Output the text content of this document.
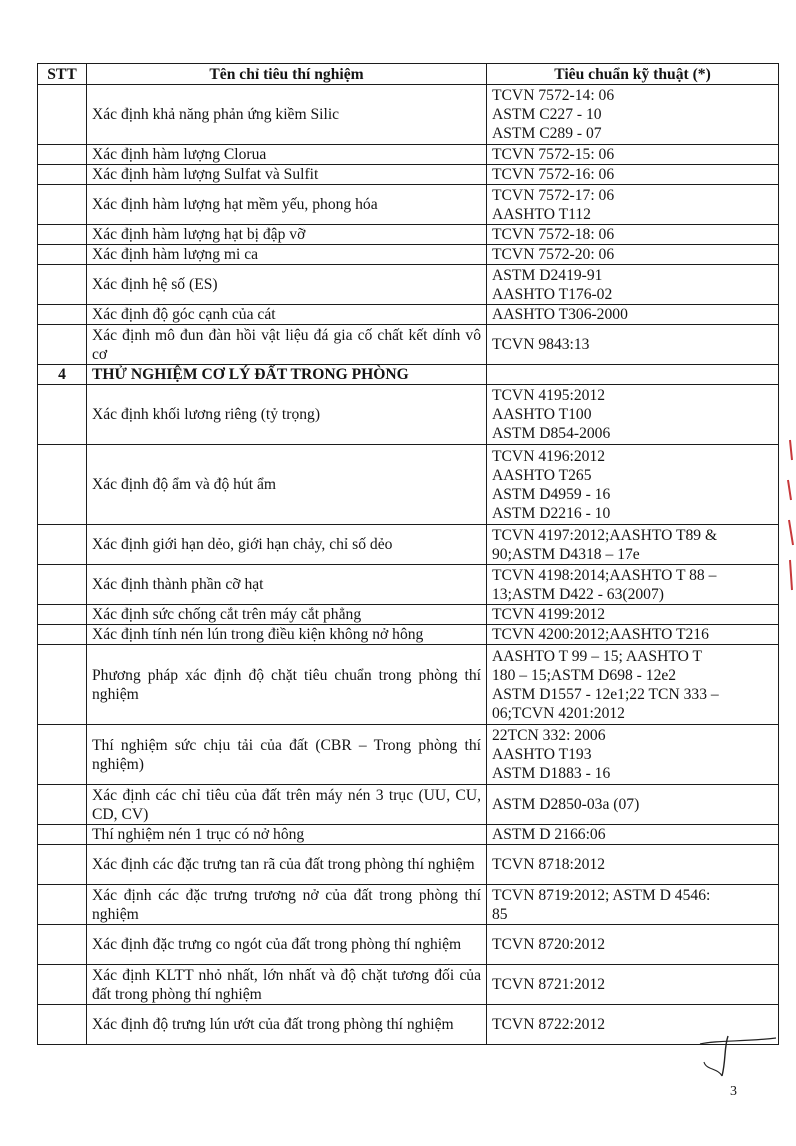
STT	Tên chỉ tiêu thí nghiệm	Tiêu chuẩn kỹ thuật (*)
	Xác định khả năng phản ứng kiềm Silic	TCVN 7572-14: 06
ASTM C227 - 10
ASTM C289 - 07

	Xác định hàm lượng Clorua	TCVN 7572-15: 06

	Xác định hàm lượng Sulfat và Sulfit	TCVN 7572-16: 06

	Xác định hàm lượng hạt mềm yếu, phong hóa	TCVN 7572-17: 06
AASHTO T112

	Xác định hàm lượng hạt bị đập vỡ	TCVN 7572-18: 06

	Xác định hàm lượng mi ca	TCVN 7572-20: 06

	Xác định hệ số (ES)	ASTM D2419-91
AASHTO T176-02

	Xác định độ góc cạnh của cát	AASHTO T306-2000

	Xác định mô đun đàn hồi vật liệu đá gia cố chất kết dính vô cơ	TCVN 9843:13

4	THỬ NGHIỆM CƠ LÝ ĐẤT TRONG PHÒNG	
	Xác định khối lương riêng (tỷ trọng)	TCVN 4195:2012
AASHTO T100
ASTM D854-2006

	Xác định độ ẩm và độ hút ẩm	TCVN 4196:2012
AASHTO T265
ASTM D4959 - 16
ASTM D2216 - 10

	Xác định giới hạn dẻo, giới hạn chảy, chỉ số dẻo	TCVN 4197:2012;AASHTO T89 &
90;ASTM D4318 – 17e

	Xác định thành phần cỡ hạt	TCVN 4198:2014;AASHTO T 88 –
13;ASTM D422 - 63(2007)

	Xác định sức chống cắt trên máy cắt phẳng	TCVN 4199:2012

	Xác định tính nén lún trong điều kiện không nở hông	TCVN 4200:2012;AASHTO T216

	Phương pháp xác định độ chặt tiêu chuẩn trong phòng thí nghiệm	AASHTO T 99 – 15; AASHTO T
180 – 15;ASTM D698 - 12e2
ASTM D1557 - 12e1;22 TCN 333 –
06;TCVN 4201:2012

	Thí nghiệm sức chịu tải của đất (CBR – Trong phòng thí nghiệm)	22TCN 332: 2006
AASHTO T193
ASTM D1883 - 16

	Xác định các chỉ tiêu của đất trên máy nén 3 trục (UU, CU, CD, CV)	ASTM D2850-03a (07)

	Thí nghiệm nén 1 trục có nở hông	ASTM D 2166:06

	Xác định các đặc trưng tan rã của đất trong phòng thí nghiệm	TCVN 8718:2012

	Xác định các đặc trưng trương nở của đất trong phòng thí nghiệm	TCVN 8719:2012; ASTM D 4546:
85

	Xác định đặc trưng co ngót của đất trong phòng thí nghiệm	TCVN 8720:2012

	Xác định KLTT nhỏ nhất, lớn nhất và độ chặt tương đối của đất trong phòng thí nghiệm	TCVN 8721:2012

	Xác định độ trưng lún ướt của đất trong phòng thí nghiệm	TCVN 8722:2012
3
